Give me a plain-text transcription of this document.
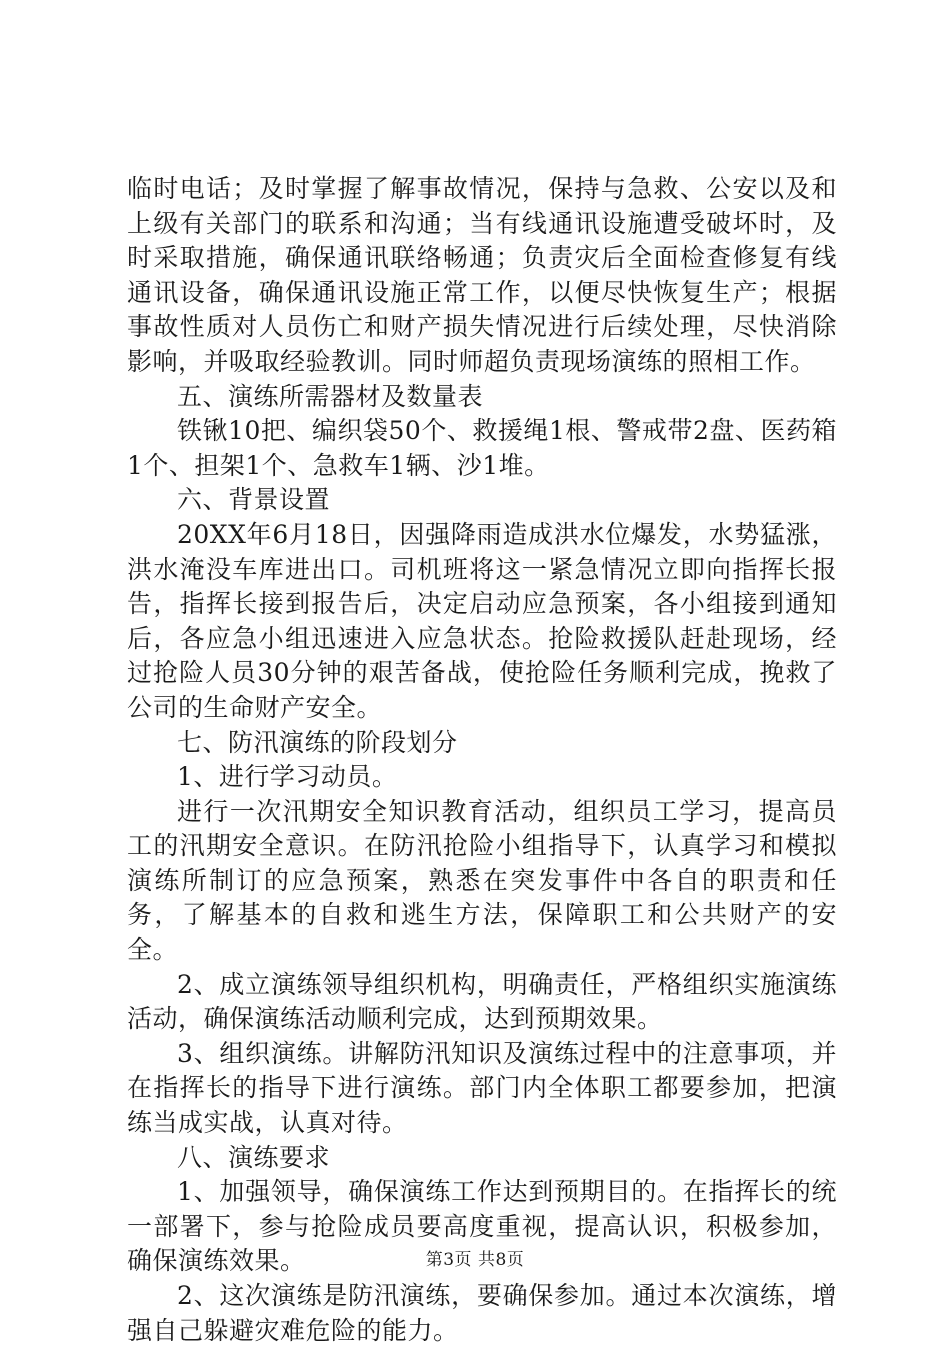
临时电话；及时掌握了解事故情况，保持与急救、公安以及和上级有关部门的联系和沟通；当有线通讯设施遭受破坏时，及时采取措施，确保通讯联络畅通；负责灾后全面检查修复有线通讯设备，确保通讯设施正常工作，以便尽快恢复生产；根据事故性质对人员伤亡和财产损失情况进行后续处理，尽快消除影响，并吸取经验教训。同时师超负责现场演练的照相工作。

五、演练所需器材及数量表

铁锹10把、编织袋50个、救援绳1根、警戒带2盘、医药箱1个、担架1个、急救车1辆、沙1堆。

六、背景设置

20XX年6月18日，因强降雨造成洪水位爆发，水势猛涨，洪水淹没车库进出口。司机班将这一紧急情况立即向指挥长报告，指挥长接到报告后，决定启动应急预案，各小组接到通知后，各应急小组迅速进入应急状态。抢险救援队赶赴现场，经过抢险人员30分钟的艰苦备战，使抢险任务顺利完成，挽救了公司的生命财产安全。

七、防汛演练的阶段划分

1、进行学习动员。

进行一次汛期安全知识教育活动，组织员工学习，提高员工的汛期安全意识。在防汛抢险小组指导下，认真学习和模拟演练所制订的应急预案，熟悉在突发事件中各自的职责和任务，了解基本的自救和逃生方法，保障职工和公共财产的安全。

2、成立演练领导组织机构，明确责任，严格组织实施演练活动，确保演练活动顺利完成，达到预期效果。

3、组织演练。讲解防汛知识及演练过程中的注意事项，并在指挥长的指导下进行演练。部门内全体职工都要参加，把演练当成实战，认真对待。

八、演练要求

1、加强领导，确保演练工作达到预期目的。在指挥长的统一部署下，参与抢险成员要高度重视，提高认识，积极参加，确保演练效果。

2、这次演练是防汛演练，要确保参加。通过本次演练，增强自己躲避灾难危险的能力。

第3页 共8页
